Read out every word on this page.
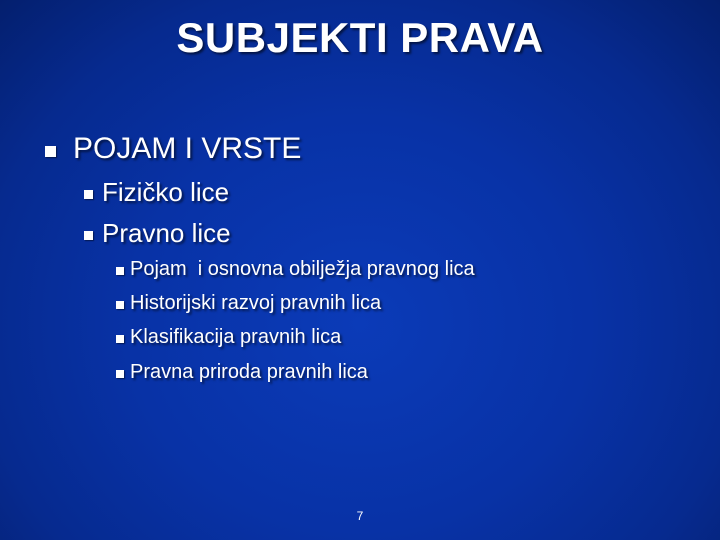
SUBJEKTI PRAVA
POJAM I VRSTE
Fizičko lice
Pravno lice
Pojam  i osnovna obilježja pravnog lica
Historijski razvoj pravnih lica
Klasifikacija pravnih lica
Pravna priroda pravnih lica
7
